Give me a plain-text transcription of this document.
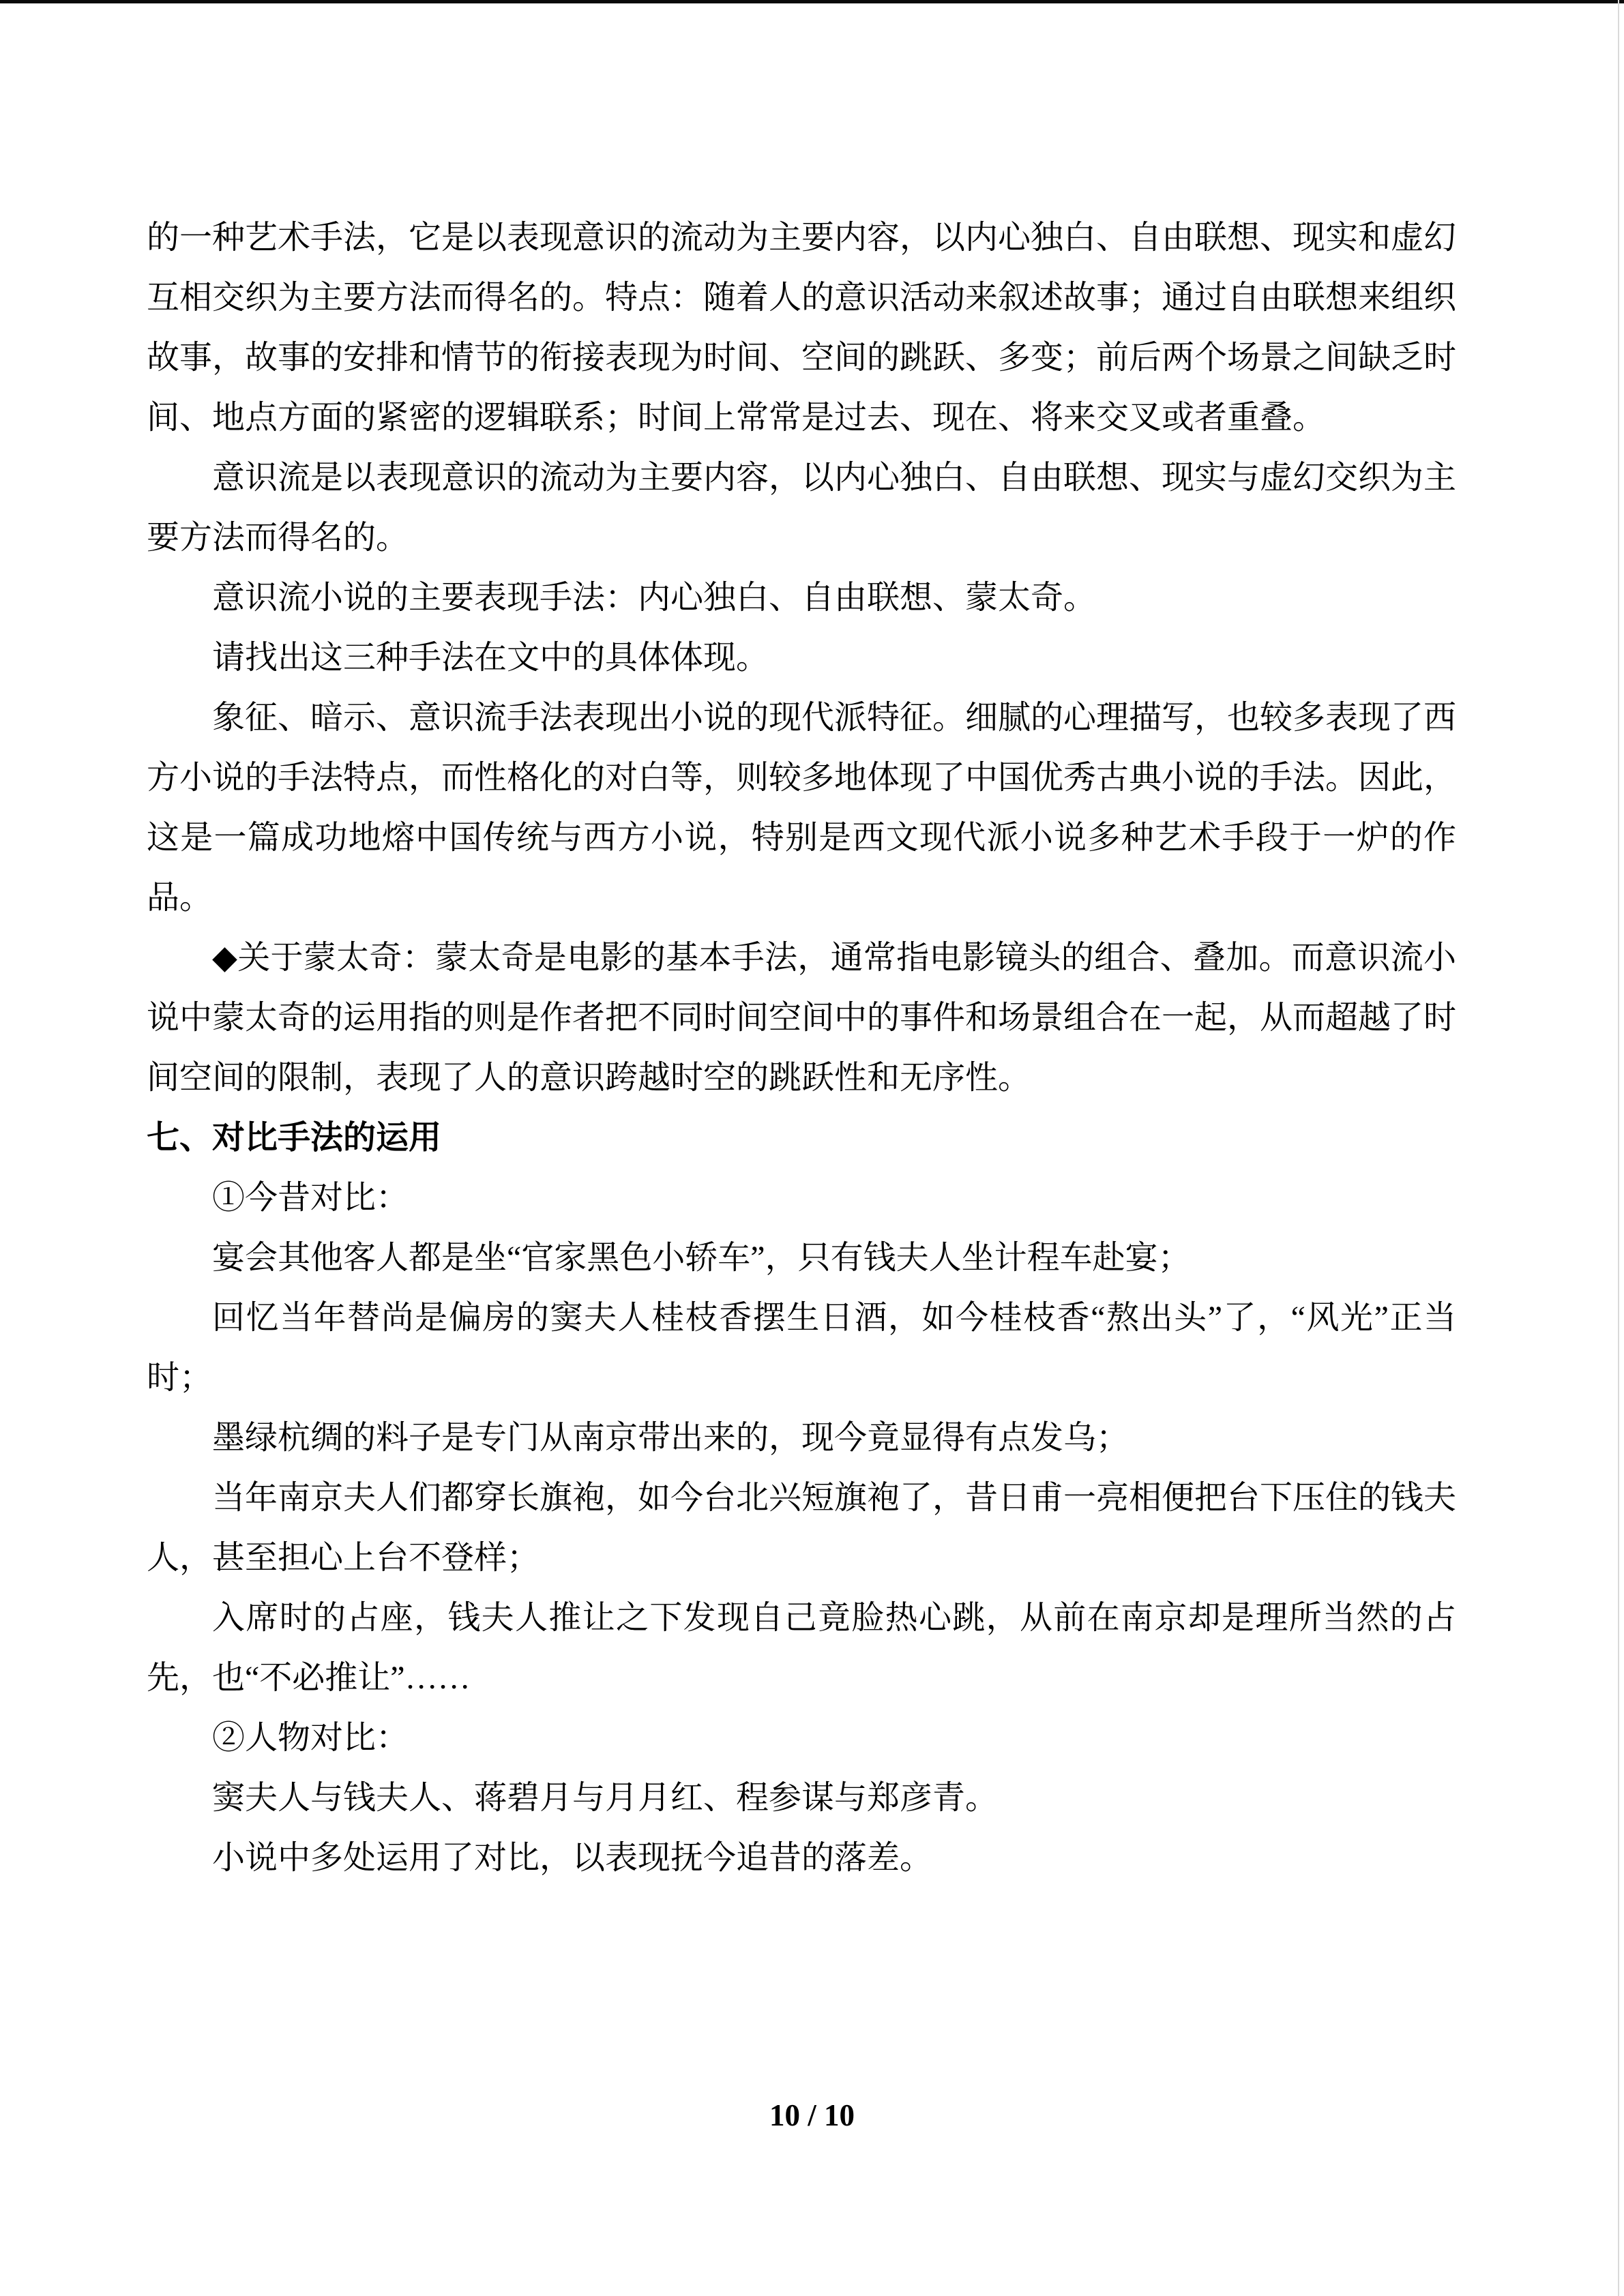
的一种艺术手法，它是以表现意识的流动为主要内容，以内心独白、自由联想、现实和虚幻互相交织为主要方法而得名的。特点：随着人的意识活动来叙述故事；通过自由联想来组织故事，故事的安排和情节的衔接表现为时间、空间的跳跃、多变；前后两个场景之间缺乏时间、地点方面的紧密的逻辑联系；时间上常常是过去、现在、将来交叉或者重叠。

意识流是以表现意识的流动为主要内容，以内心独白、自由联想、现实与虚幻交织为主要方法而得名的。

意识流小说的主要表现手法：内心独白、自由联想、蒙太奇。

请找出这三种手法在文中的具体体现。

象征、暗示、意识流手法表现出小说的现代派特征。细腻的心理描写，也较多表现了西方小说的手法特点，而性格化的对白等，则较多地体现了中国优秀古典小说的手法。因此，这是一篇成功地熔中国传统与西方小说，特别是西文现代派小说多种艺术手段于一炉的作品。

◆关于蒙太奇：蒙太奇是电影的基本手法，通常指电影镜头的组合、叠加。而意识流小说中蒙太奇的运用指的则是作者把不同时间空间中的事件和场景组合在一起，从而超越了时间空间的限制，表现了人的意识跨越时空的跳跃性和无序性。

七、对比手法的运用

①今昔对比：

宴会其他客人都是坐“官家黑色小轿车”，只有钱夫人坐计程车赴宴；

回忆当年替尚是偏房的窦夫人桂枝香摆生日酒，如今桂枝香“熬出头”了，“风光”正当时；

墨绿杭绸的料子是专门从南京带出来的，现今竟显得有点发乌；

当年南京夫人们都穿长旗袍，如今台北兴短旗袍了，昔日甫一亮相便把台下压住的钱夫人，甚至担心上台不登样；

入席时的占座，钱夫人推让之下发现自己竟脸热心跳，从前在南京却是理所当然的占先，也“不必推让”……

②人物对比：

窦夫人与钱夫人、蒋碧月与月月红、程参谋与郑彦青。

小说中多处运用了对比，以表现抚今追昔的落差。

10 / 10
